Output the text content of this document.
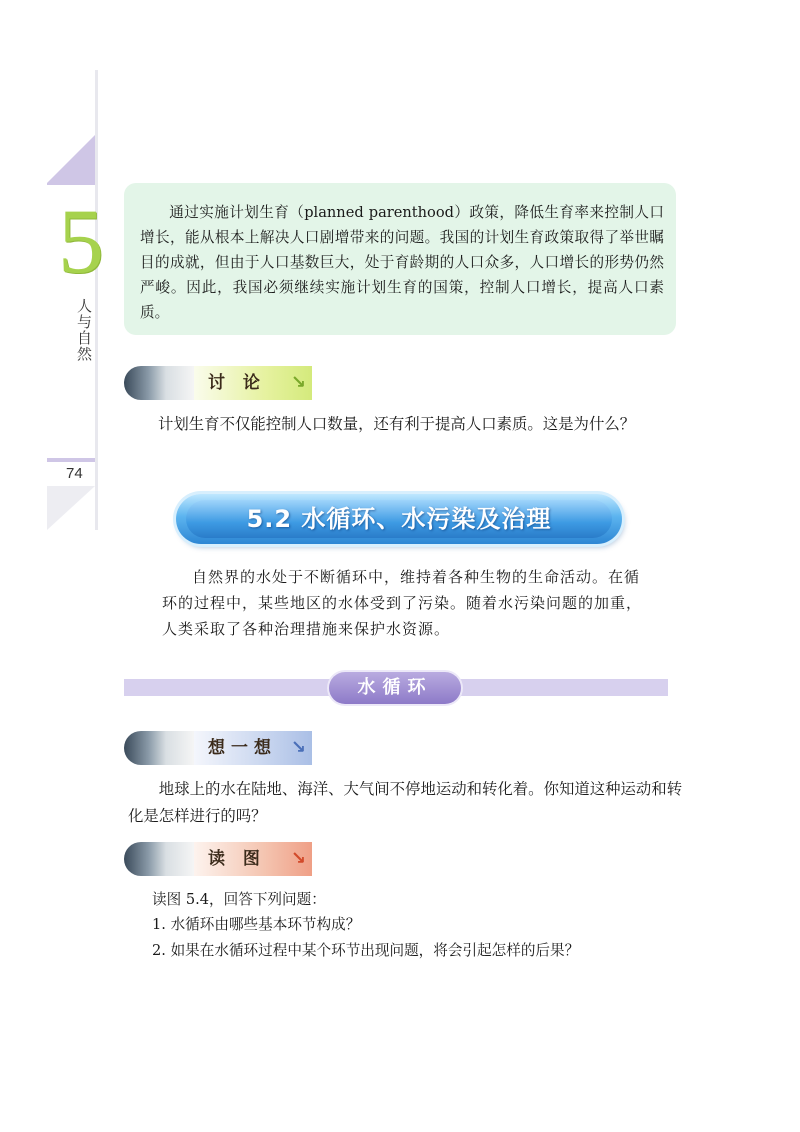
5
人与自然
74
通过实施计划生育（planned parenthood）政策，降低生育率来控制人口增长，能从根本上解决人口剧增带来的问题。我国的计划生育政策取得了举世瞩目的成就，但由于人口基数巨大，处于育龄期的人口众多，人口增长的形势仍然严峻。因此，我国必须继续实施计划生育的国策，控制人口增长，提高人口素质。
讨 论 ↘
计划生育不仅能控制人口数量，还有利于提高人口素质。这是为什么？
5.2 水循环、水污染及治理
自然界的水处于不断循环中，维持着各种生物的生命活动。在循环的过程中，某些地区的水体受到了污染。随着水污染问题的加重，人类采取了各种治理措施来保护水资源。
水循环
想一想 ↘
地球上的水在陆地、海洋、大气间不停地运动和转化着。你知道这种运动和转化是怎样进行的吗？
读 图 ↘
读图 5.4，回答下列问题：
1. 水循环由哪些基本环节构成？
2. 如果在水循环过程中某个环节出现问题，将会引起怎样的后果？
